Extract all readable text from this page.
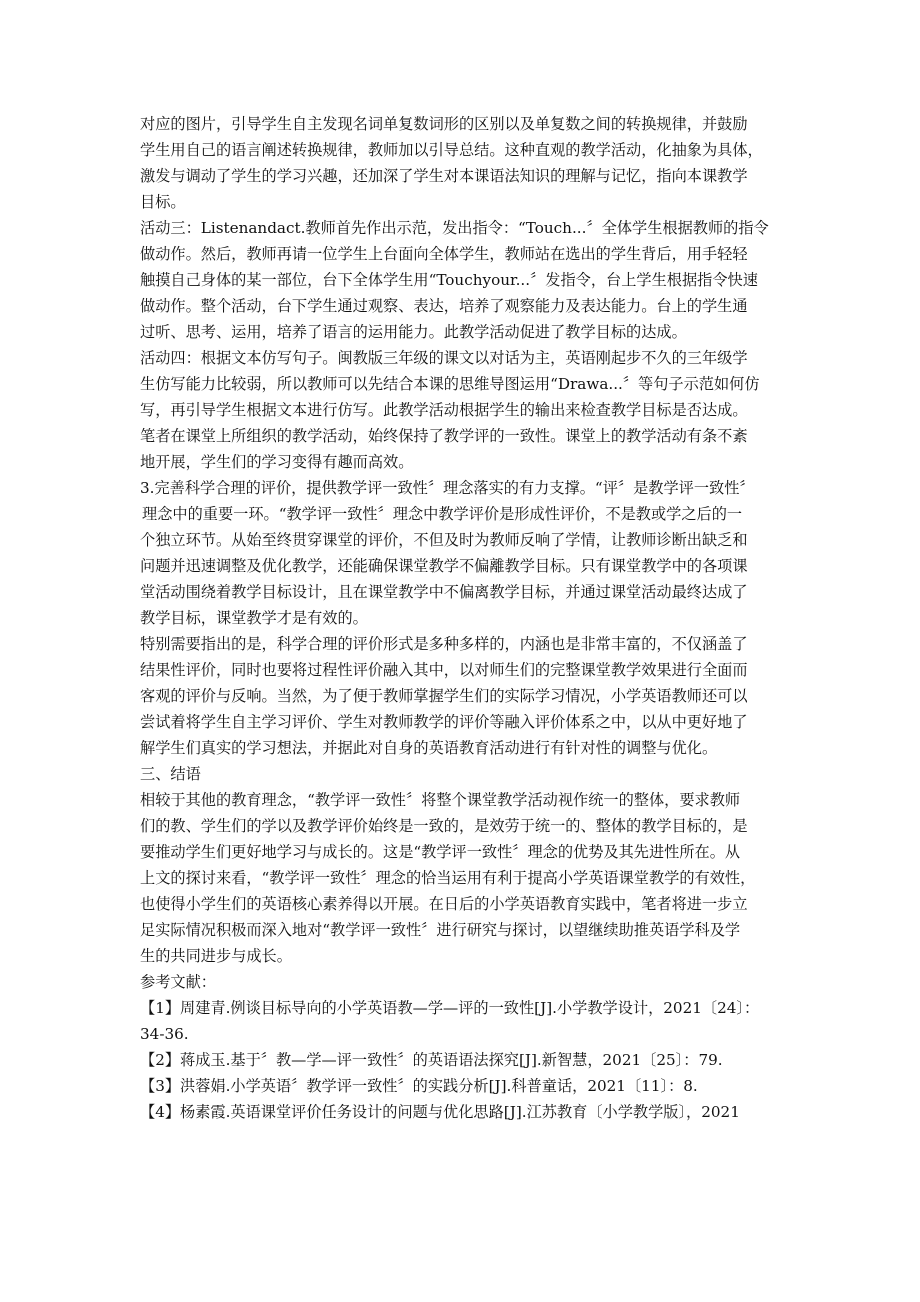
对应的图片，引导学生自主发现名词单复数词形的区别以及单复数之间的转换规律，并鼓励
学生用自己的语言阐述转换规律，教师加以引导总结。这种直观的教学活动，化抽象为具体，
激发与调动了学生的学习兴趣，还加深了学生对本课语法知识的理解与记忆，指向本课教学
目标。
活动三：Listenandact.教师首先作出示范，发出指令：“Touch...〞全体学生根据教师的指令
做动作。然后，教师再请一位学生上台面向全体学生，教师站在选出的学生背后，用手轻轻
触摸自己身体的某一部位，台下全体学生用“Touchyour...〞发指令，台上学生根据指令快速
做动作。整个活动，台下学生通过观察、表达，培养了观察能力及表达能力。台上的学生通
过听、思考、运用，培养了语言的运用能力。此教学活动促进了教学目标的达成。
活动四：根据文本仿写句子。闽教版三年级的课文以对话为主，英语刚起步不久的三年级学
生仿写能力比较弱，所以教师可以先结合本课的思维导图运用“Drawa...〞等句子示范如何仿
写，再引导学生根据文本进行仿写。此教学活动根据学生的输出来检查教学目标是否达成。
笔者在课堂上所组织的教学活动，始终保持了教学评的一致性。课堂上的教学活动有条不紊
地开展，学生们的学习变得有趣而高效。
3.完善科学合理的评价，提供教学评一致性〞理念落实的有力支撑。“评〞是教学评一致性〞
理念中的重要一环。“教学评一致性〞理念中教学评价是形成性评价，不是教或学之后的一
个独立环节。从始至终贯穿课堂的评价，不但及时为教师反响了学情，让教师诊断出缺乏和
问题并迅速调整及优化教学，还能确保课堂教学不偏離教学目标。只有课堂教学中的各项课
堂活动围绕着教学目标设计，且在课堂教学中不偏离教学目标，并通过课堂活动最终达成了
教学目标，课堂教学才是有效的。
特别需要指出的是，科学合理的评价形式是多种多样的，内涵也是非常丰富的，不仅涵盖了
结果性评价，同时也要将过程性评价融入其中，以对师生们的完整课堂教学效果进行全面而
客观的评价与反响。当然，为了便于教师掌握学生们的实际学习情况，小学英语教师还可以
尝试着将学生自主学习评价、学生对教师教学的评价等融入评价体系之中，以从中更好地了
解学生们真实的学习想法，并据此对自身的英语教育活动进行有针对性的调整与优化。
三、结语
相较于其他的教育理念，“教学评一致性〞将整个课堂教学活动视作统一的整体，要求教师
们的教、学生们的学以及教学评价始终是一致的，是效劳于统一的、整体的教学目标的，是
要推动学生们更好地学习与成长的。这是“教学评一致性〞理念的优势及其先进性所在。从
上文的探讨来看，“教学评一致性〞理念的恰当运用有利于提高小学英语课堂教学的有效性，
也使得小学生们的英语核心素养得以开展。在日后的小学英语教育实践中，笔者将进一步立
足实际情况积极而深入地对“教学评一致性〞进行研究与探讨，以望继续助推英语学科及学
生的共同进步与成长。
参考文献：
【1】周建青.例谈目标导向的小学英语教—学—评的一致性[J].小学教学设计，2021〔24〕：
34-36.
【2】蒋成玉.基于〞教—学—评一致性〞的英语语法探究[J].新智慧，2021〔25〕：79.
【3】洪蓉娟.小学英语〞教学评一致性〞的实践分析[J].科普童话，2021〔11〕：8.
【4】杨素霞.英语课堂评价任务设计的问题与优化思路[J].江苏教育〔小学教学版〕，2021
